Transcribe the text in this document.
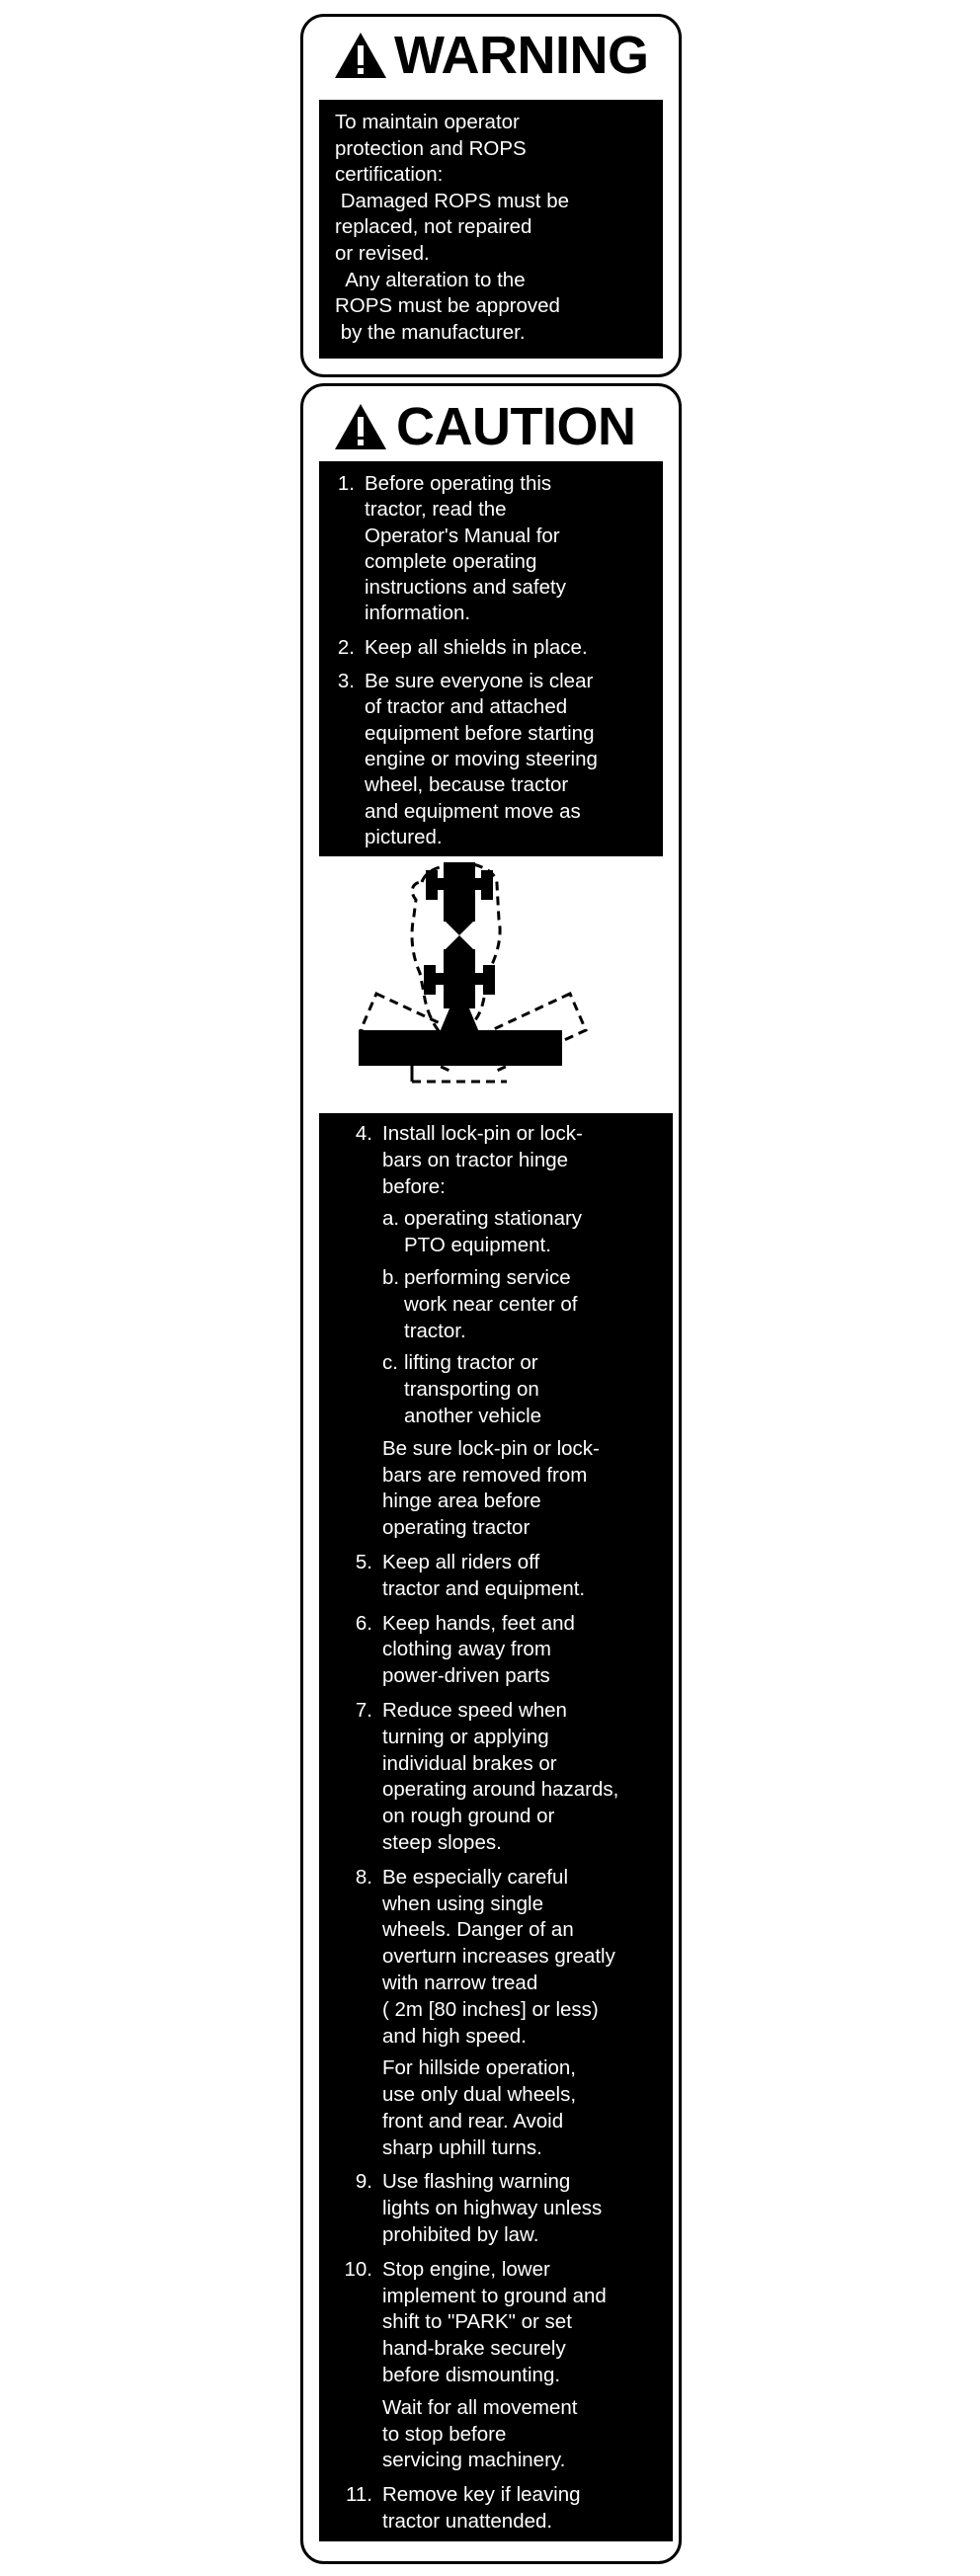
WARNING
To maintain operator
protection and ROPS
certification:
Damaged ROPS must be
replaced, not repaired
or revised.
Any alteration to the
ROPS must be approved
by the manufacturer.
CAUTION
1. Before operating this
tractor, read the
Operator's Manual for
complete operating
instructions and safety
information.
2. Keep all shields in place.
3. Be sure everyone is clear
of tractor and attached
equipment before starting
engine or moving steering
wheel, because tractor
and equipment move as
pictured.
4. Install lock-pin or lock-
bars on tractor hinge
before:
a. operating stationary
PTO equipment.
b. performing service
work near center of
tractor.
c. lifting tractor or
transporting on
another vehicle
Be sure lock-pin or lock-
bars are removed from
hinge area before
operating tractor
5. Keep all riders off
tractor and equipment.
6. Keep hands, feet and
clothing away from
power-driven parts
7. Reduce speed when
turning or applying
individual brakes or
operating around hazards,
on rough ground or
steep slopes.
8. Be especially careful
when using single
wheels. Danger of an
overturn increases greatly
with narrow tread
( 2m [80 inches] or less)
and high speed.
For hillside operation,
use only dual wheels,
front and rear. Avoid
sharp uphill turns.
9. Use flashing warning
lights on highway unless
prohibited by law.
10. Stop engine, lower
implement to ground and
shift to "PARK" or set
hand-brake securely
before dismounting.
Wait for all movement
to stop before
servicing machinery.
11. Remove key if leaving
tractor unattended.
